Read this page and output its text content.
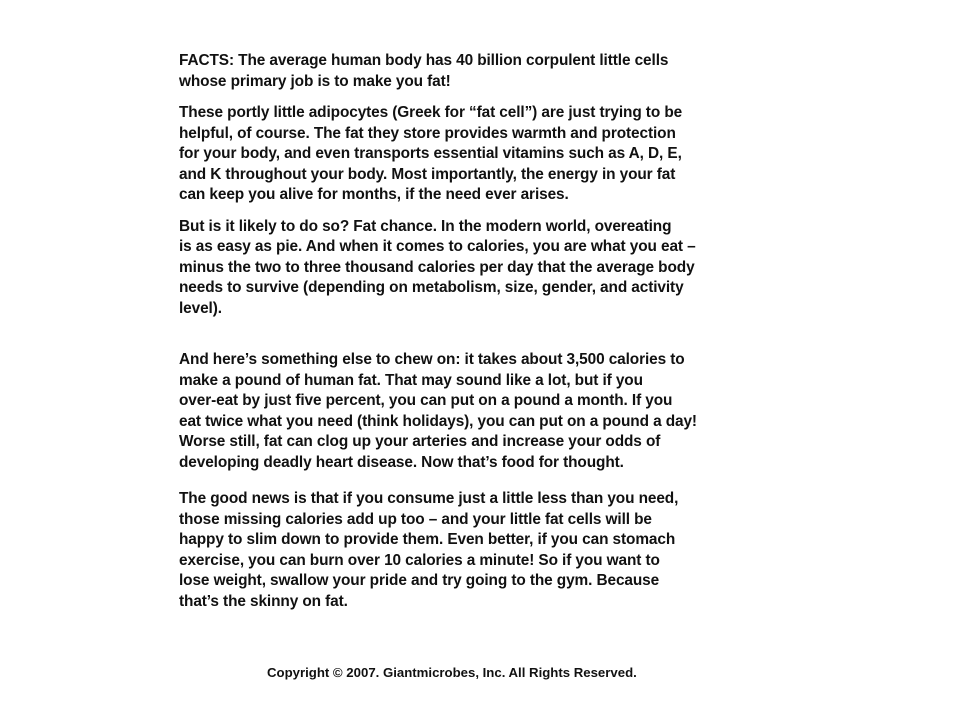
FACTS: The average human body has 40 billion corpulent little cells
whose primary job is to make you fat!

These portly little adipocytes (Greek for “fat cell”) are just trying to be
helpful, of course. The fat they store provides warmth and protection
for your body, and even transports essential vitamins such as A, D, E,
and K throughout your body. Most importantly, the energy in your fat
can keep you alive for months, if the need ever arises.

But is it likely to do so? Fat chance. In the modern world, overeating
is as easy as pie. And when it comes to calories, you are what you eat –
minus the two to three thousand calories per day that the average body
needs to survive (depending on metabolism, size, gender, and activity
level).

And here’s something else to chew on: it takes about 3,500 calories to
make a pound of human fat. That may sound like a lot, but if you
over-eat by just five percent, you can put on a pound a month. If you
eat twice what you need (think holidays), you can put on a pound a day!
Worse still, fat can clog up your arteries and increase your odds of
developing deadly heart disease. Now that’s food for thought.

The good news is that if you consume just a little less than you need,
those missing calories add up too – and your little fat cells will be
happy to slim down to provide them. Even better, if you can stomach
exercise, you can burn over 10 calories a minute! So if you want to
lose weight, swallow your pride and try going to the gym. Because
that’s the skinny on fat.

Copyright © 2007. Giantmicrobes, Inc. All Rights Reserved.
